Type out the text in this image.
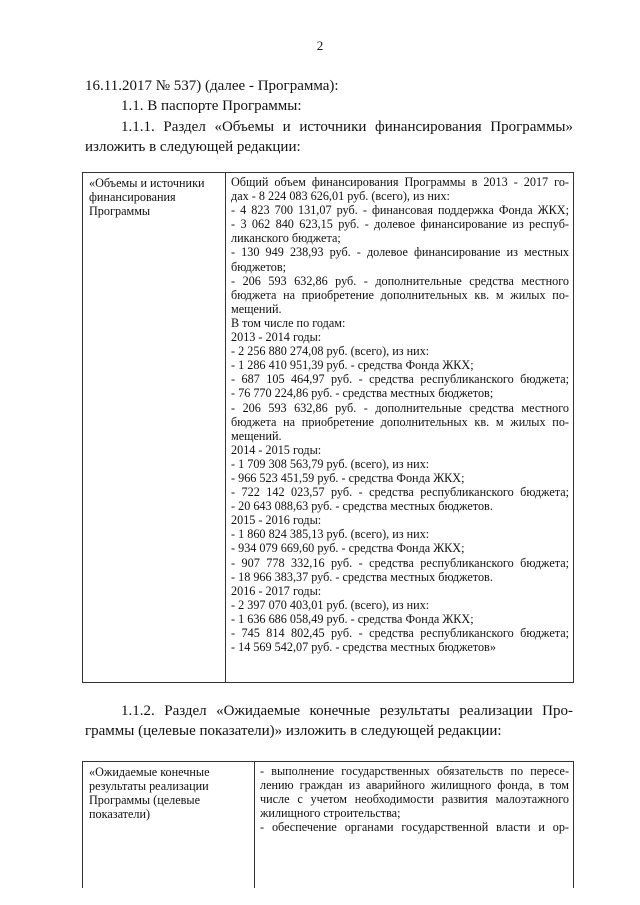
2
16.11.2017 № 537) (далее - Программа):
1.1. В паспорте Программы:
1.1.1. Раздел «Объемы и источники финансирования Программы»
изложить в следующей редакции:
«Объемы и источники
финансирования
Программы
Общий объем финансирования Программы в 2013 - 2017 го-
дах - 8 224 083 626,01 руб. (всего), из них:
- 4 823 700 131,07 руб. - финансовая поддержка Фонда ЖКХ;
- 3 062 840 623,15 руб. - долевое финансирование из респуб-
ликанского бюджета;
- 130 949 238,93 руб. - долевое финансирование из местных
бюджетов;
- 206 593 632,86 руб. - дополнительные средства местного
бюджета на приобретение дополнительных кв. м жилых по-
мещений.
В том числе по годам:
2013 - 2014 годы:
- 2 256 880 274,08 руб. (всего), из них:
- 1 286 410 951,39 руб. - средства Фонда ЖКХ;
- 687 105 464,97 руб. - средства республиканского бюджета;
- 76 770 224,86 руб. - средства местных бюджетов;
- 206 593 632,86 руб. - дополнительные средства местного
бюджета на приобретение дополнительных кв. м жилых по-
мещений.
2014 - 2015 годы:
- 1 709 308 563,79 руб. (всего), из них:
- 966 523 451,59 руб. - средства Фонда ЖКХ;
- 722 142 023,57 руб. - средства республиканского бюджета;
- 20 643 088,63 руб. - средства местных бюджетов.
2015 - 2016 годы:
- 1 860 824 385,13 руб. (всего), из них:
- 934 079 669,60 руб. - средства Фонда ЖКХ;
- 907 778 332,16 руб. - средства республиканского бюджета;
- 18 966 383,37 руб. - средства местных бюджетов.
2016 - 2017 годы:
- 2 397 070 403,01 руб. (всего), из них:
- 1 636 686 058,49 руб. - средства Фонда ЖКХ;
- 745 814 802,45 руб. - средства республиканского бюджета;
- 14 569 542,07 руб. - средства местных бюджетов»
1.1.2. Раздел «Ожидаемые конечные результаты реализации Про-
граммы (целевые показатели)» изложить в следующей редакции:
«Ожидаемые конечные
результаты реализации
Программы (целевые
показатели)
- выполнение государственных обязательств по пересе-
лению граждан из аварийного жилищного фонда, в том
числе с учетом необходимости развития малоэтажного
жилищного строительства;
- обеспечение органами государственной власти и ор-
